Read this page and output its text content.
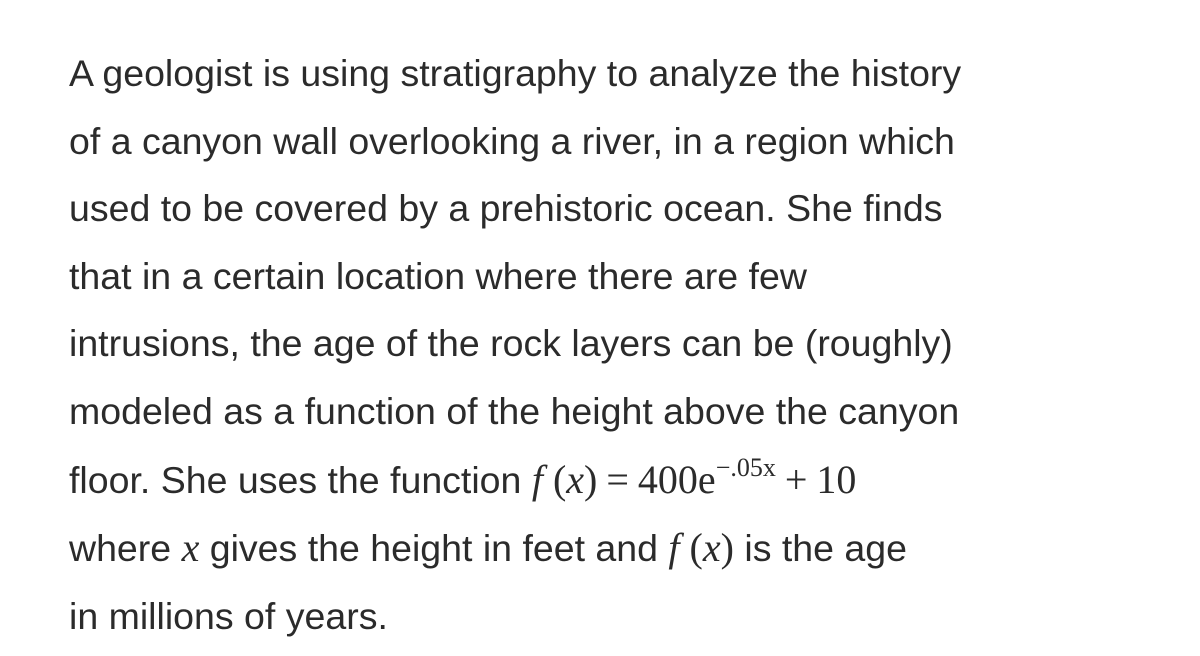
A geologist is using stratigraphy to analyze the history
of a canyon wall overlooking a river, in a region which
used to be covered by a prehistoric ocean. She finds
that in a certain location where there are few
intrusions, the age of the rock layers can be (roughly)
modeled as a function of the height above the canyon
floor. She uses the function f $(x) = 400e^{-.05x} + 10$
where x gives the height in feet and f (x) is the age
in millions of years.
